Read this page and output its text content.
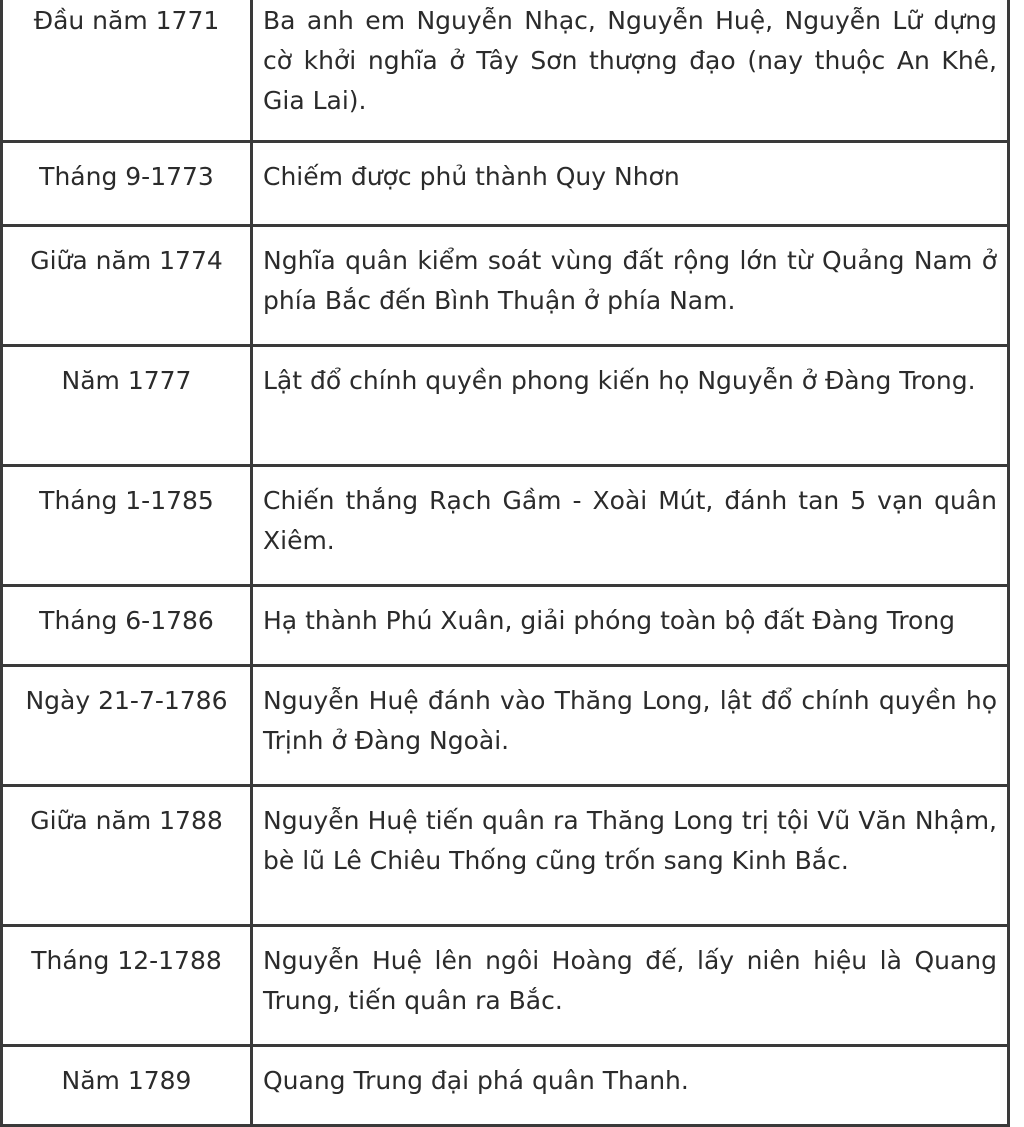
Đầu năm 1771	Ba anh em Nguyễn Nhạc, Nguyễn Huệ, Nguyễn Lữ dựng cờ khởi nghĩa ở Tây Sơn thượng đạo (nay thuộc An Khê, Gia Lai).

Tháng 9-1773	Chiếm được phủ thành Quy Nhơn

Giữa năm 1774	Nghĩa quân kiểm soát vùng đất rộng lớn từ Quảng Nam ở phía Bắc đến Bình Thuận ở phía Nam.

Năm 1777	Lật đổ chính quyền phong kiến họ Nguyễn ở Đàng Trong.

Tháng 1-1785	Chiến thắng Rạch Gầm - Xoài Mút, đánh tan 5 vạn quân Xiêm.

Tháng 6-1786	Hạ thành Phú Xuân, giải phóng toàn bộ đất Đàng Trong

Ngày 21-7-1786	Nguyễn Huệ đánh vào Thăng Long, lật đổ chính quyền họ Trịnh ở Đàng Ngoài.

Giữa năm 1788	Nguyễn Huệ tiến quân ra Thăng Long trị tội Vũ Văn Nhậm, bè lũ Lê Chiêu Thống cũng trốn sang Kinh Bắc.

Tháng 12-1788	Nguyễn Huệ lên ngôi Hoàng đế, lấy niên hiệu là Quang Trung, tiến quân ra Bắc.

Năm 1789	Quang Trung đại phá quân Thanh.
